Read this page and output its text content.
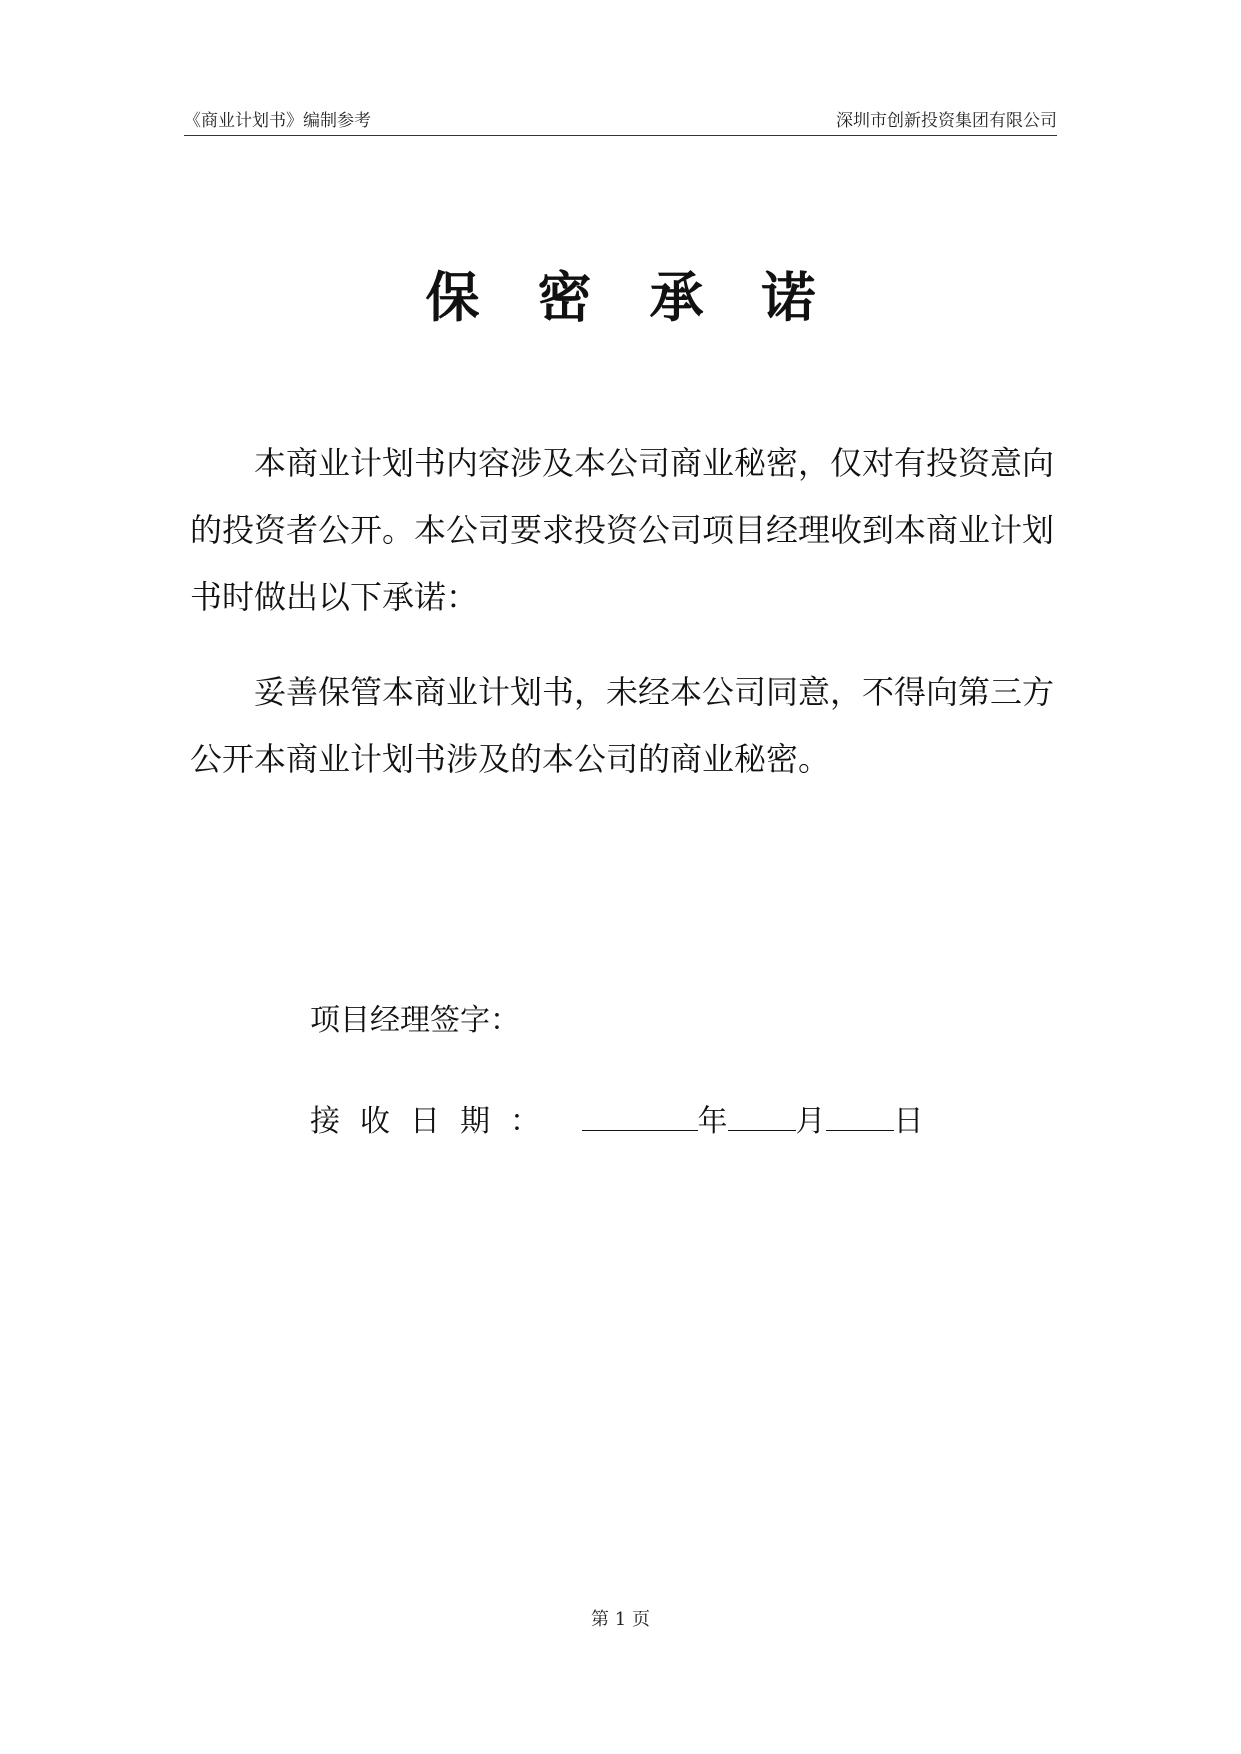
《商业计划书》编制参考	深圳市创新投资集团有限公司
保密承诺

本商业计划书内容涉及本公司商业秘密，仅对有投资意向的投资者公开。本公司要求投资公司项目经理收到本商业计划书时做出以下承诺：

妥善保管本商业计划书，未经本公司同意，不得向第三方公开本商业计划书涉及的本公司的商业秘密。

项目经理签字：
接收日期：	年 月 日
第 1 页
